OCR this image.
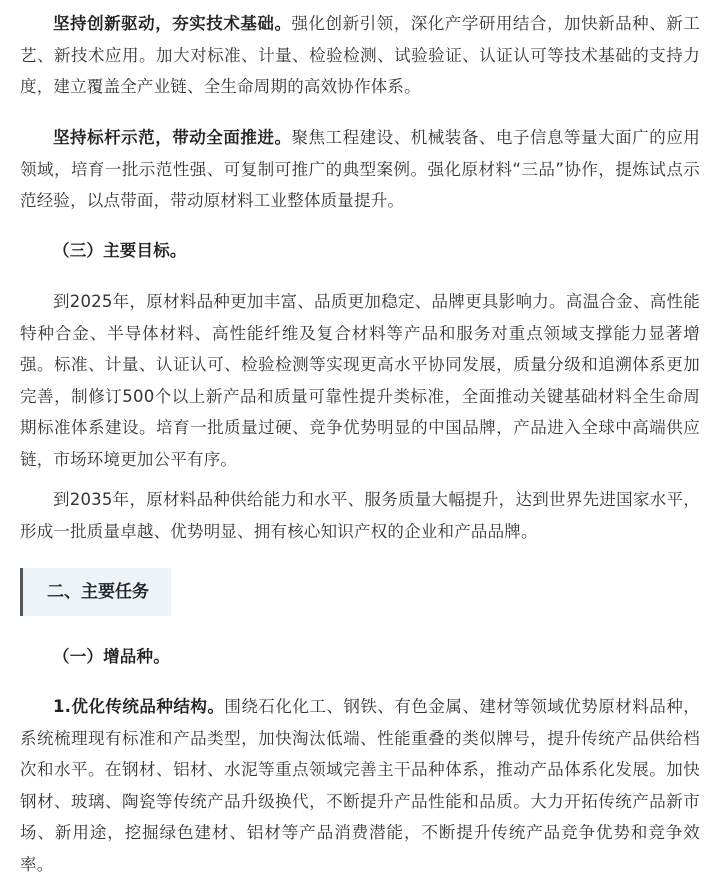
坚持创新驱动，夯实技术基础。强化创新引领，深化产学研用结合，加快新品种、新工艺、新技术应用。加大对标准、计量、检验检测、试验验证、认证认可等技术基础的支持力度，建立覆盖全产业链、全生命周期的高效协作体系。

坚持标杆示范，带动全面推进。聚焦工程建设、机械装备、电子信息等量大面广的应用领域，培育一批示范性强、可复制可推广的典型案例。强化原材料“三品”协作，提炼试点示范经验，以点带面，带动原材料工业整体质量提升。

（三）主要目标。

到2025年，原材料品种更加丰富、品质更加稳定、品牌更具影响力。高温合金、高性能特种合金、半导体材料、高性能纤维及复合材料等产品和服务对重点领域支撑能力显著增强。标准、计量、认证认可、检验检测等实现更高水平协同发展，质量分级和追溯体系更加完善，制修订500个以上新产品和质量可靠性提升类标准，全面推动关键基础材料全生命周期标准体系建设。培育一批质量过硬、竞争优势明显的中国品牌，产品进入全球中高端供应链，市场环境更加公平有序。

到2035年，原材料品种供给能力和水平、服务质量大幅提升，达到世界先进国家水平，形成一批质量卓越、优势明显、拥有核心知识产权的企业和产品品牌。

二、主要任务

（一）增品种。

1.优化传统品种结构。围绕石化化工、钢铁、有色金属、建材等领域优势原材料品种，系统梳理现有标准和产品类型，加快淘汰低端、性能重叠的类似牌号，提升传统产品供给档次和水平。在钢材、铝材、水泥等重点领域完善主干品种体系，推动产品体系化发展。加快钢材、玻璃、陶瓷等传统产品升级换代，不断提升产品性能和品质。大力开拓传统产品新市场、新用途，挖掘绿色建材、铝材等产品消费潜能，不断提升传统产品竞争优势和竞争效率。
